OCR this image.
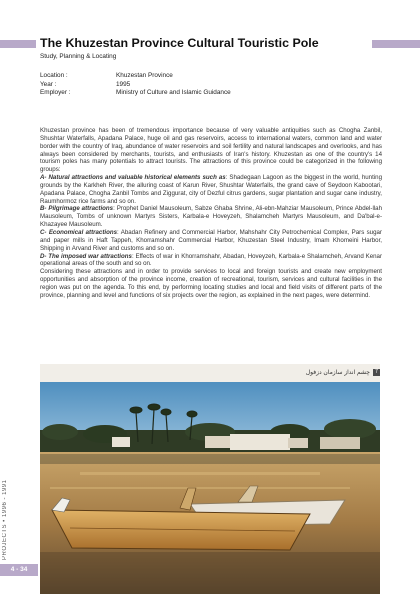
The Khuzestan Province Cultural Touristic Pole
Study, Planning & Locating
Location :	Khuzestan Province
Year :	1995
Employer :	Ministry of Culture and Islamic Guidance

Khuzestan province has been of tremendous importance because of very valuable antiquities such as Chogha Zanbil, Shushtar Waterfalls, Apadana Palace, huge oil and gas reservoirs, access to international waters, common land and water border with the country of Iraq, abundance of water reservoirs and soil fertility and natural landscapes and overlooks, and has always been considered by merchants, tourists, and enthusiasts of Iran's history. Khuzestan as one of the country's 14 tourism poles has many potentials to attract tourists. The attractions of this province could be categorized in the following groups:

A- Natural attractions and valuable historical elements such as: Shadegaan Lagoon as the biggest in the world, hunting grounds by the Karkheh River, the alluring coast of Karun River, Shushtar Waterfalls, the grand cave of Seydoon Kabootari, Apadana Palace, Chogha Zanbil Tombs and Ziggurat, city of Dezful citrus gardens, sugar plantation and sugar cane industry, Raumhormoz rice farms and so on.

B- Pilgrimage attractions: Prophet Daniel Mausoleum, Sabze Ghaba Shrine, Ali-ebn-Mahziar Mausoleum, Prince Abdel-llah Mausoleum, Tombs of unknown Martyrs Sisters, Karbala-e Hoveyzeh, Shalamcheh Martyrs Mausoleum, and Da'bal-e-Khazayee Mausoleum.

C- Economical attractions: Abadan Refinery and Commercial Harbor, Mahshahr City Petrochemical Complex, Pars sugar and paper mills in Haft Tappeh, Khorramshahr Commercial Harbor, Khuzestan Steel Industry, Imam Khomeini Harbor, Shipping in Arvand River and customs and so on.

D- The imposed war attractions: Effects of war in Khorramshahr, Abadan, Hoveyzeh, Karbala-e Shalamcheh, Arvand Kenar operational areas of the south and so on.

Considering these attractions and in order to provide services to local and foreign tourists and create new employment opportunities and absorption of the province income, creation of recreational, tourism, services and cultural facilities in the region was put on the agenda. To this end, by performing locating studies and local and field visits of different parts of the province, planning and level and functions of six projects over the region, as explained in the next pages, were determind.

PROJECTS • 1996 - 1991
4 - 34
7چشم انداز سازمان دزفول
